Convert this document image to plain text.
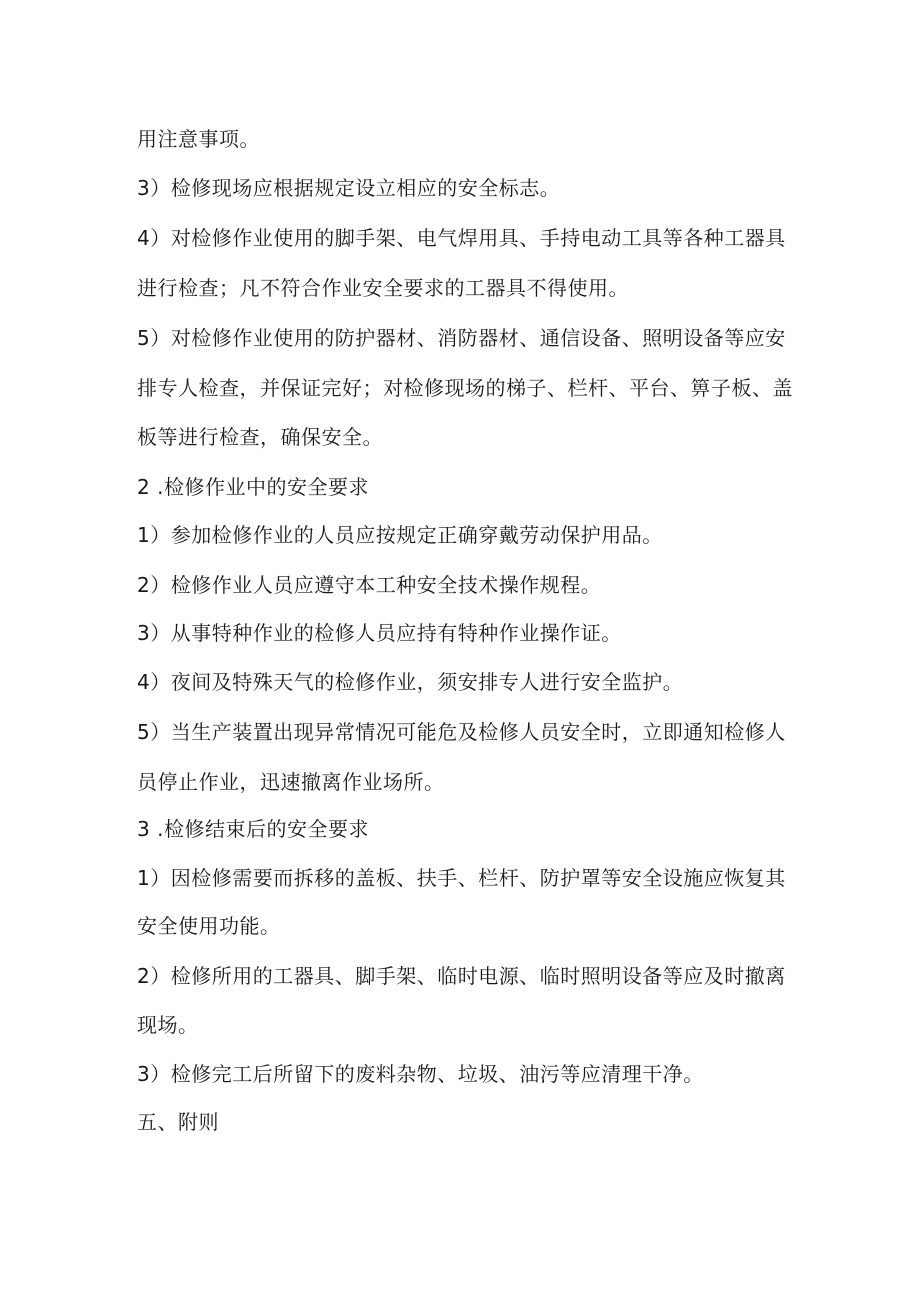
用注意事项。
3）检修现场应根据规定设立相应的安全标志。
4）对检修作业使用的脚手架、电气焊用具、手持电动工具等各种工器具
进行检查；凡不符合作业安全要求的工器具不得使用。
5）对检修作业使用的防护器材、消防器材、通信设备、照明设备等应安
排专人检查，并保证完好；对检修现场的梯子、栏杆、平台、箅子板、盖
板等进行检查，确保安全。
2 .检修作业中的安全要求
1）参加检修作业的人员应按规定正确穿戴劳动保护用品。
2）检修作业人员应遵守本工种安全技术操作规程。
3）从事特种作业的检修人员应持有特种作业操作证。
4）夜间及特殊天气的检修作业，须安排专人进行安全监护。
5）当生产装置出现异常情况可能危及检修人员安全时，立即通知检修人
员停止作业，迅速撤离作业场所。
3 .检修结束后的安全要求
1）因检修需要而拆移的盖板、扶手、栏杆、防护罩等安全设施应恢复其
安全使用功能。
2）检修所用的工器具、脚手架、临时电源、临时照明设备等应及时撤离
现场。
3）检修完工后所留下的废料杂物、垃圾、油污等应清理干净。
五、附则
